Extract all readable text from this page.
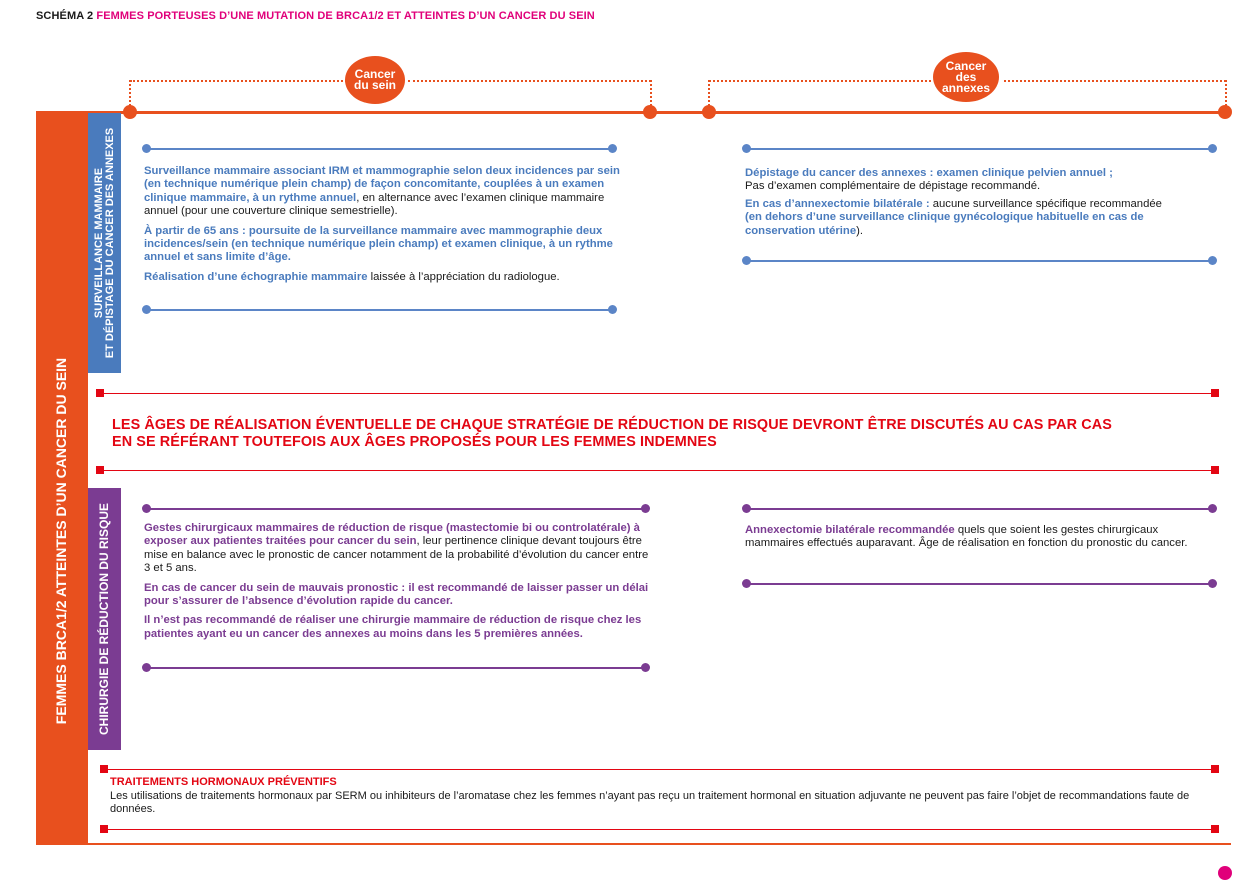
SCHÉMA 2 FEMMES PORTEUSES D’UNE MUTATION DE BRCA1/2 ET ATTEINTES D’UN CANCER DU SEIN
Cancer
du sein
Cancer
des
annexes
FEMMES BRCA1/2 ATTEINTES D’UN CANCER DU SEIN
SURVEILLANCE MAMMAIRE ET DÉPISTAGE DU CANCER DES ANNEXES
CHIRURGIE DE RÉDUCTION DU RISQUE

Surveillance mammaire associant IRM et mammographie selon deux incidences par sein (en technique numérique plein champ) de façon concomitante, couplées à un examen clinique mammaire, à un rythme annuel, en alternance avec l’examen clinique mammaire annuel (pour une couverture clinique semestrielle).

À partir de 65 ans : poursuite de la surveillance mammaire avec mammographie deux incidences/sein (en technique numérique plein champ) et examen clinique, à un rythme annuel et sans limite d’âge.

Réalisation d’une échographie mammaire laissée à l’appréciation du radiologue.

Dépistage du cancer des annexes : examen clinique pelvien annuel ;
Pas d’examen complémentaire de dépistage recommandé.

En cas d’annexectomie bilatérale : aucune surveillance spécifique recommandée
(en dehors d’une surveillance clinique gynécologique habituelle en cas de conservation utérine).

LES ÂGES DE RÉALISATION ÉVENTUELLE DE CHAQUE STRATÉGIE DE RÉDUCTION DE RISQUE DEVRONT ÊTRE DISCUTÉS AU CAS PAR CAS
EN SE RÉFÉRANT TOUTEFOIS AUX ÂGES PROPOSÉS POUR LES FEMMES INDEMNES

Gestes chirurgicaux mammaires de réduction de risque (mastectomie bi ou controlatérale) à exposer aux patientes traitées pour cancer du sein, leur pertinence clinique devant toujours être mise en balance avec le pronostic de cancer notamment de la probabilité d’évolution du cancer entre 3 et 5 ans.

En cas de cancer du sein de mauvais pronostic : il est recommandé de laisser passer un délai pour s’assurer de l’absence d’évolution rapide du cancer.

Il n’est pas recommandé de réaliser une chirurgie mammaire de réduction de risque chez les patientes ayant eu un cancer des annexes au moins dans les 5 premières années.

Annexectomie bilatérale recommandée quels que soient les gestes chirurgicaux mammaires effectués auparavant. Âge de réalisation en fonction du pronostic du cancer.

TRAITEMENTS HORMONAUX PRÉVENTIFS
Les utilisations de traitements hormonaux par SERM ou inhibiteurs de l’aromatase chez les femmes n’ayant pas reçu un traitement hormonal en situation adjuvante ne peuvent pas faire l’objet de recommandations faute de données.
